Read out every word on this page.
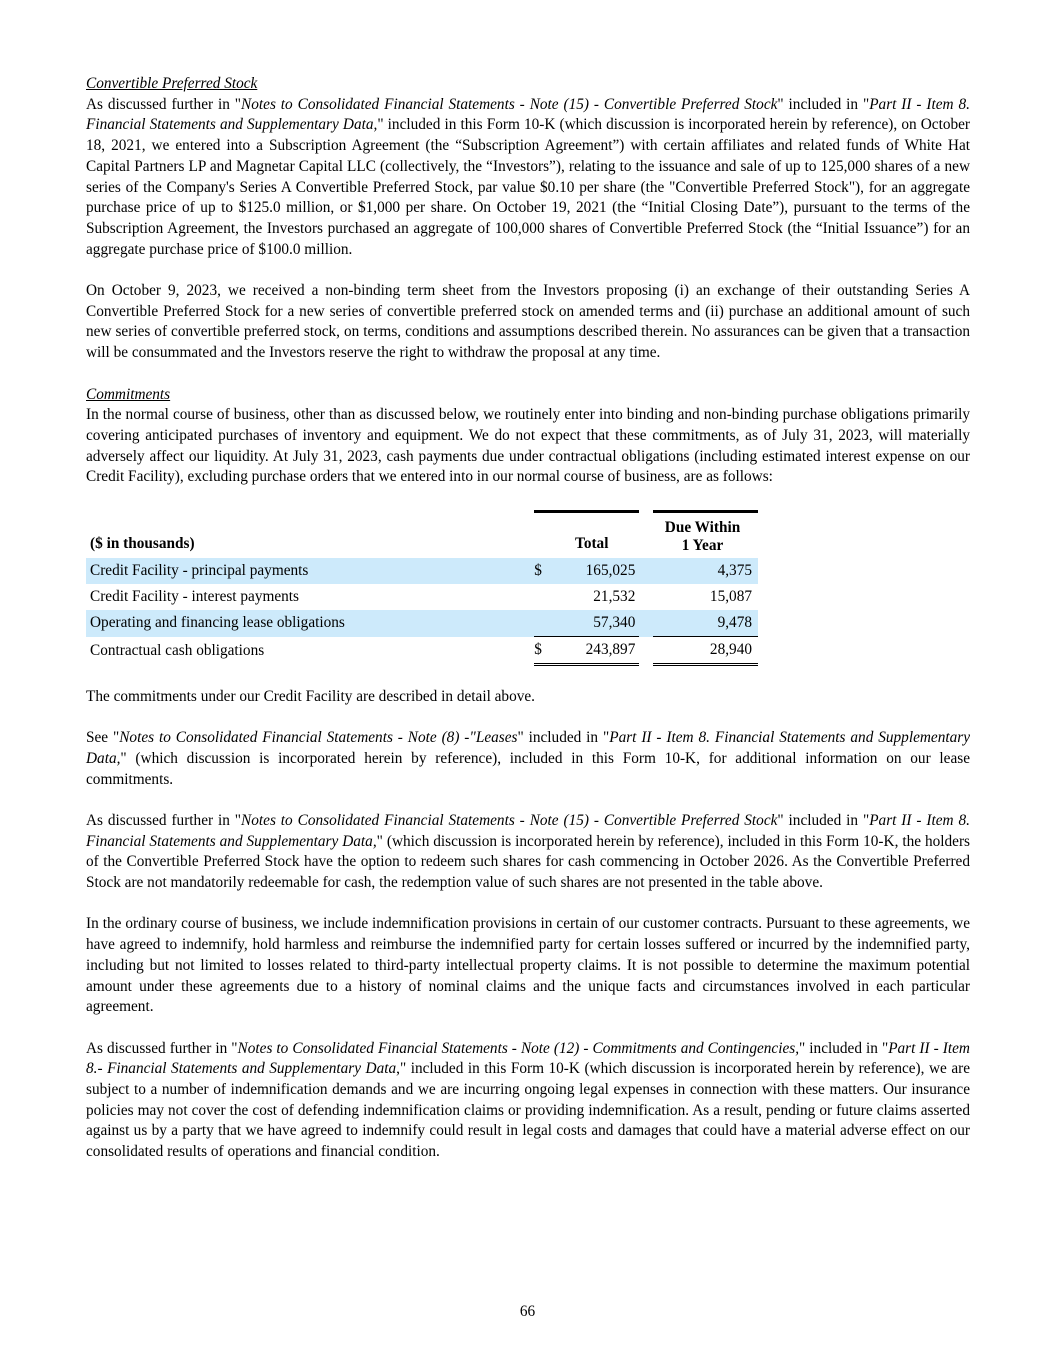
Convertible Preferred Stock

As discussed further in "Notes to Consolidated Financial Statements - Note (15) - Convertible Preferred Stock" included in "Part II - Item 8. Financial Statements and Supplementary Data," included in this Form 10-K (which discussion is incorporated herein by reference), on October 18, 2021, we entered into a Subscription Agreement (the “Subscription Agreement”) with certain affiliates and related funds of White Hat Capital Partners LP and Magnetar Capital LLC (collectively, the “Investors”), relating to the issuance and sale of up to 125,000 shares of a new series of the Company's Series A Convertible Preferred Stock, par value $0.10 per share (the "Convertible Preferred Stock"), for an aggregate purchase price of up to $125.0 million, or $1,000 per share. On October 19, 2021 (the “Initial Closing Date”), pursuant to the terms of the Subscription Agreement, the Investors purchased an aggregate of 100,000 shares of Convertible Preferred Stock (the “Initial Issuance”) for an aggregate purchase price of $100.0 million.

On October 9, 2023, we received a non-binding term sheet from the Investors proposing (i) an exchange of their outstanding Series A Convertible Preferred Stock for a new series of convertible preferred stock on amended terms and (ii) purchase an additional amount of such new series of convertible preferred stock, on terms, conditions and assumptions described therein. No assurances can be given that a transaction will be consummated and the Investors reserve the right to withdraw the proposal at any time.

Commitments

In the normal course of business, other than as discussed below, we routinely enter into binding and non-binding purchase obligations primarily covering anticipated purchases of inventory and equipment. We do not expect that these commitments, as of July 31, 2023, will materially adversely affect our liquidity. At July 31, 2023, cash payments due under contractual obligations (including estimated interest expense on our Credit Facility), excluding purchase orders that we entered into in our normal course of business, are as follows:

($ in thousands)		Total		Due Within
1 Year
Credit Facility - principal payments	$	165,025		4,375
Credit Facility - interest payments		21,532		15,087
Operating and financing lease obligations		57,340		9,478
Contractual cash obligations	$	243,897		28,940

The commitments under our Credit Facility are described in detail above.

See "Notes to Consolidated Financial Statements - Note (8) -"Leases" included in "Part II - Item 8. Financial Statements and Supplementary Data," (which discussion is incorporated herein by reference), included in this Form 10-K, for additional information on our lease commitments.

As discussed further in "Notes to Consolidated Financial Statements - Note (15) - Convertible Preferred Stock" included in "Part II - Item 8. Financial Statements and Supplementary Data," (which discussion is incorporated herein by reference), included in this Form 10-K, the holders of the Convertible Preferred Stock have the option to redeem such shares for cash commencing in October 2026. As the Convertible Preferred Stock are not mandatorily redeemable for cash, the redemption value of such shares are not presented in the table above.

In the ordinary course of business, we include indemnification provisions in certain of our customer contracts. Pursuant to these agreements, we have agreed to indemnify, hold harmless and reimburse the indemnified party for certain losses suffered or incurred by the indemnified party, including but not limited to losses related to third-party intellectual property claims. It is not possible to determine the maximum potential amount under these agreements due to a history of nominal claims and the unique facts and circumstances involved in each particular agreement.

As discussed further in "Notes to Consolidated Financial Statements - Note (12) - Commitments and Contingencies," included in "Part II - Item 8.- Financial Statements and Supplementary Data," included in this Form 10-K (which discussion is incorporated herein by reference), we are subject to a number of indemnification demands and we are incurring ongoing legal expenses in connection with these matters. Our insurance policies may not cover the cost of defending indemnification claims or providing indemnification. As a result, pending or future claims asserted against us by a party that we have agreed to indemnify could result in legal costs and damages that could have a material adverse effect on our consolidated results of operations and financial condition.

66
